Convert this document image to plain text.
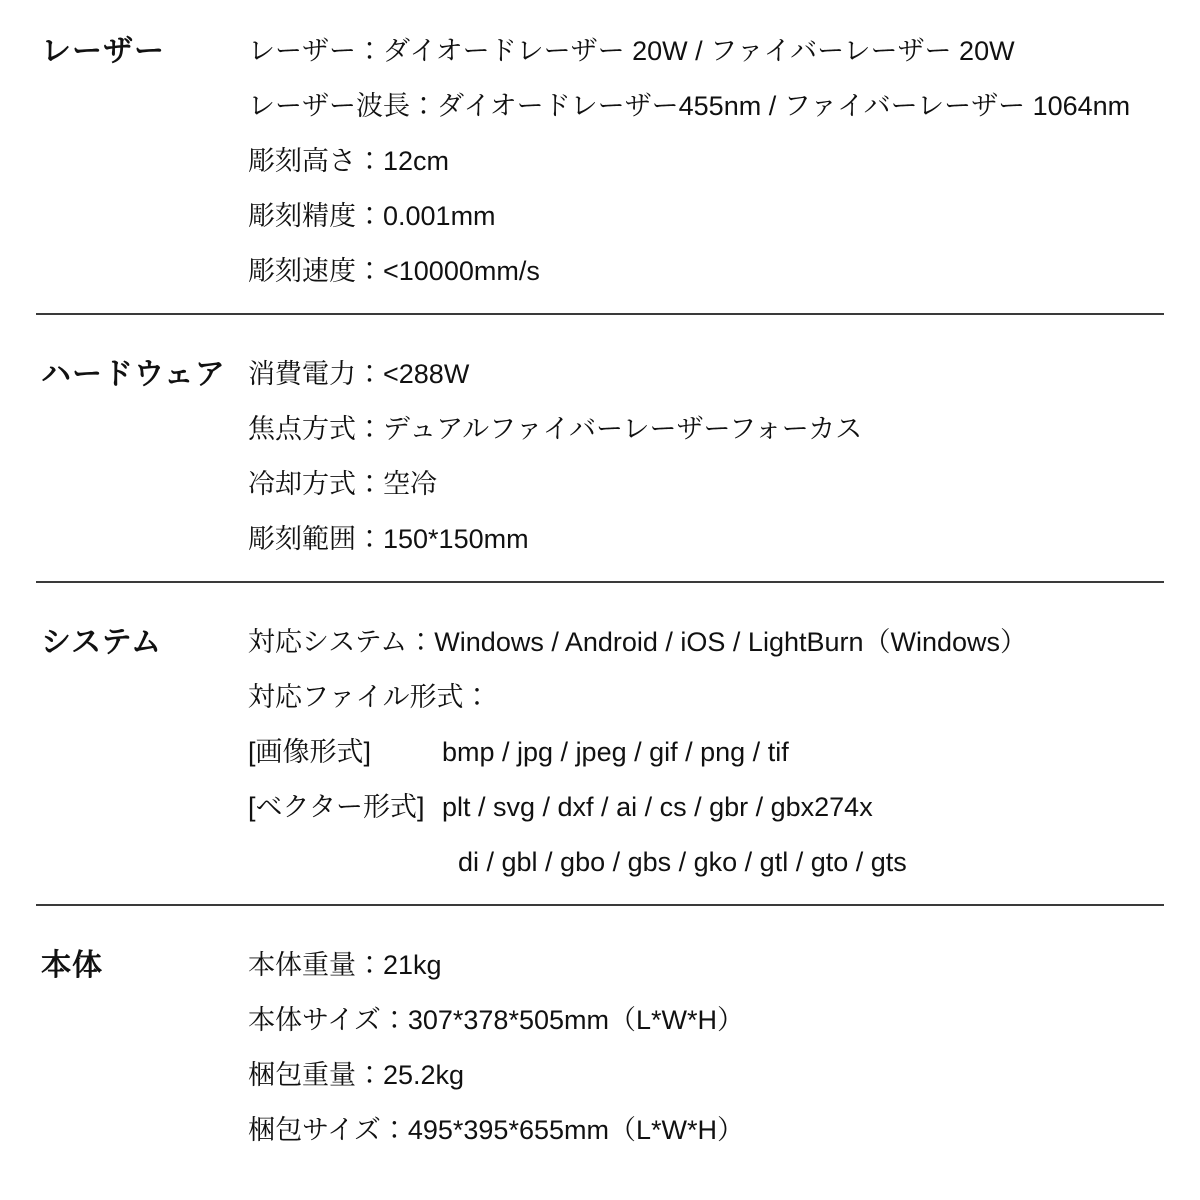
レーザー	レーザー：ダイオードレーザー 20W / ファイバーレーザー 20W
レーザー波長：ダイオードレーザー455nm / ファイバーレーザー 1064nm
彫刻高さ：12cm
彫刻精度：0.001mm
彫刻速度：<10000mm/s
ハードウェア 消費電力：<288W
焦点方式：デュアルファイバーレーザーフォーカス
冷却方式：空冷
彫刻範囲：150*150mm
システム	対応システム：Windows / Android / iOS / LightBurn（Windows）
対応ファイル形式：
[画像形式]	bmp / jpg / jpeg / gif / png / tif
[ベクター形式] plt / svg / dxf / ai / cs / gbr / gbx274x
di / gbl / gbo / gbs / gko / gtl / gto / gts
本体	本体重量：21kg
本体サイズ：307*378*505mm（L*W*H）
梱包重量：25.2kg
梱包サイズ：495*395*655mm（L*W*H）
